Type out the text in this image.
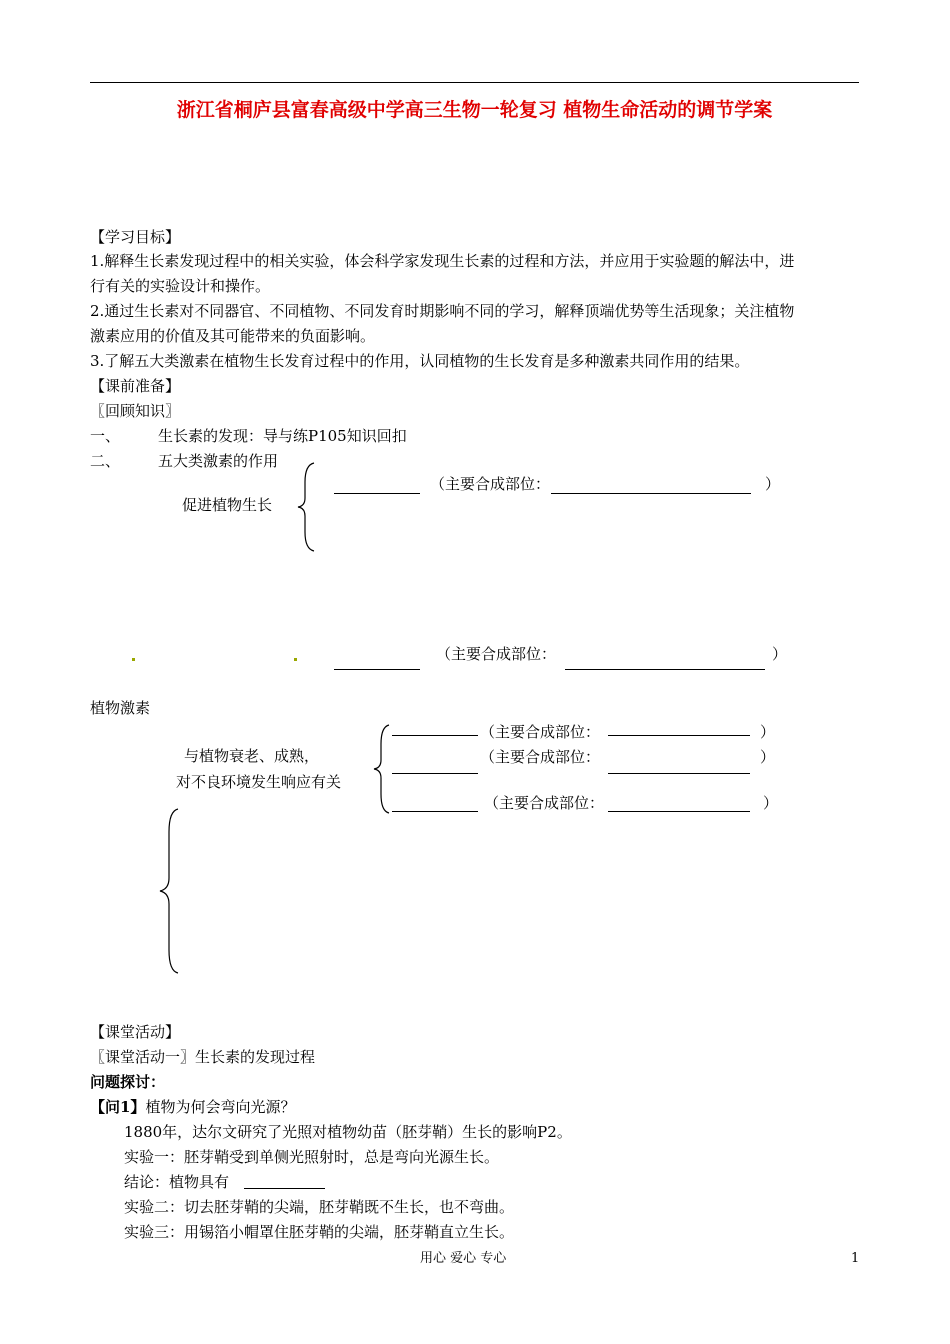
浙江省桐庐县富春高级中学高三生物一轮复习 植物生命活动的调节学案
【学习目标】
1.解释生长素发现过程中的相关实验，体会科学家发现生长素的过程和方法，并应用于实验题的解法中，进
行有关的实验设计和操作。
2.通过生长素对不同器官、不同植物、不同发育时期影响不同的学习，解释顶端优势等生活现象；关注植物
激素应用的价值及其可能带来的负面影响。
3.了解五大类激素在植物生长发育过程中的作用，认同植物的生长发育是多种激素共同作用的结果。
【课前准备】
〖回顾知识〗
一、	生长素的发现：导与练P105知识回扣
二、	五大类激素的作用
促进植物生长
（主要合成部位：	）
（主要合成部位：	）
植物激素
与植物衰老、成熟，
对不良环境发生响应有关
（主要合成部位：	）
（主要合成部位：	）
（主要合成部位：	）
【课堂活动】
〖课堂活动一〗生长素的发现过程
问题探讨：
【问1】植物为何会弯向光源？
1880年，达尔文研究了光照对植物幼苗（胚芽鞘）生长的影响P2。
实验一：胚芽鞘受到单侧光照射时，总是弯向光源生长。
结论：植物具有
实验二：切去胚芽鞘的尖端，胚芽鞘既不生长，也不弯曲。
实验三：用锡箔小帽罩住胚芽鞘的尖端，胚芽鞘直立生长。
用心 爱心 专心	1
